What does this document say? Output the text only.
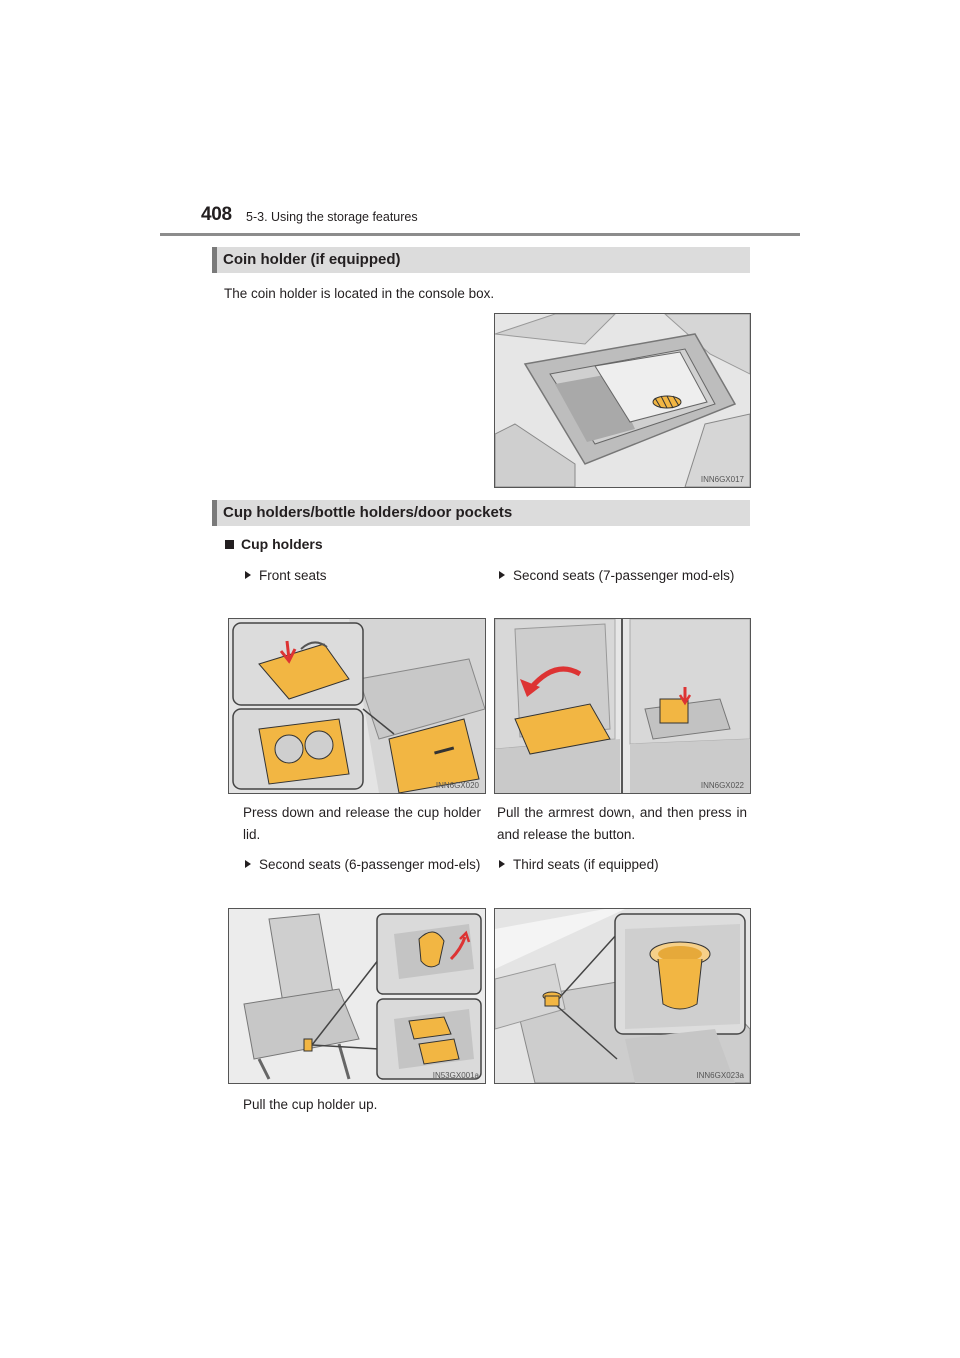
408 5-3. Using the storage features
Coin holder (if equipped)
The coin holder is located in the console box.
INN6GX017
Cup holders/bottle holders/door pockets
Cup holders
Front seats	Second seats (7-passenger mod-els)
INN6GX020	INN6GX022
Press down and release the cup holder lid.
Pull the armrest down, and then press in and release the button.
Second seats (6-passenger mod-els)	Third seats (if equipped)
IN53GX001a	INN6GX023a
Pull the cup holder up.
